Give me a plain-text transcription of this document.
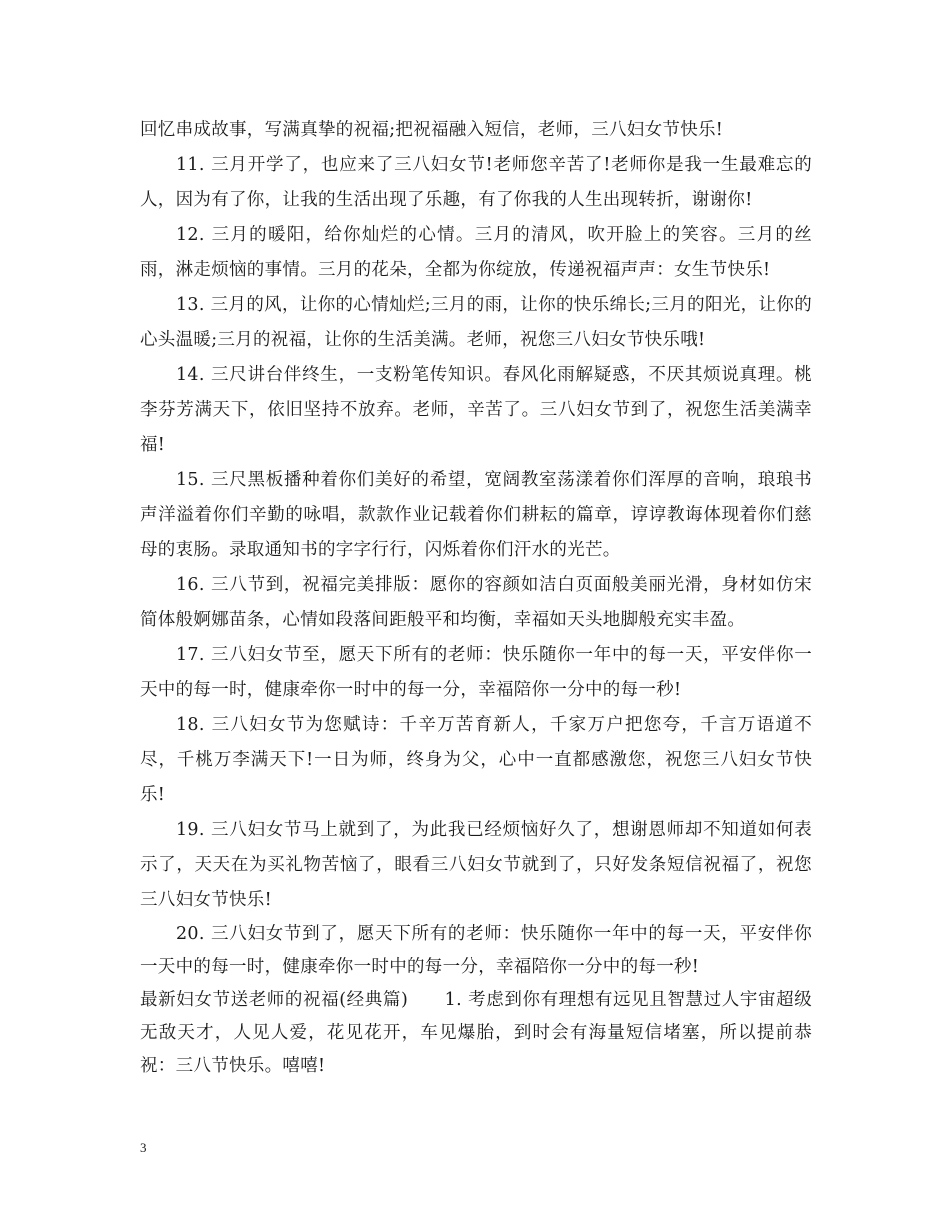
回忆串成故事，写满真挚的祝福;把祝福融入短信，老师，三八妇女节快乐!

11. 三月开学了，也应来了三八妇女节!老师您辛苦了!老师你是我一生最难忘的人，因为有了你，让我的生活出现了乐趣，有了你我的人生出现转折，谢谢你!

12. 三月的暖阳，给你灿烂的心情。三月的清风，吹开脸上的笑容。三月的丝雨，淋走烦恼的事情。三月的花朵，全都为你绽放，传递祝福声声：女生节快乐!

13. 三月的风，让你的心情灿烂;三月的雨，让你的快乐绵长;三月的阳光，让你的心头温暖;三月的祝福，让你的生活美满。老师，祝您三八妇女节快乐哦!

14. 三尺讲台伴终生，一支粉笔传知识。春风化雨解疑惑，不厌其烦说真理。桃李芬芳满天下，依旧坚持不放弃。老师，辛苦了。三八妇女节到了，祝您生活美满幸福!

15. 三尺黑板播种着你们美好的希望，宽阔教室荡漾着你们浑厚的音响，琅琅书声洋溢着你们辛勤的咏唱，款款作业记载着你们耕耘的篇章，谆谆教诲体现着你们慈母的衷肠。录取通知书的字字行行，闪烁着你们汗水的光芒。

16. 三八节到，祝福完美排版：愿你的容颜如洁白页面般美丽光滑，身材如仿宋简体般婀娜苗条，心情如段落间距般平和均衡，幸福如天头地脚般充实丰盈。

17. 三八妇女节至，愿天下所有的老师：快乐随你一年中的每一天，平安伴你一天中的每一时，健康牵你一时中的每一分，幸福陪你一分中的每一秒!

18. 三八妇女节为您赋诗：千辛万苦育新人，千家万户把您夸，千言万语道不尽，千桃万李满天下!一日为师，终身为父，心中一直都感激您，祝您三八妇女节快乐!

19. 三八妇女节马上就到了，为此我已经烦恼好久了，想谢恩师却不知道如何表示了，天天在为买礼物苦恼了，眼看三八妇女节就到了，只好发条短信祝福了，祝您三八妇女节快乐!

20. 三八妇女节到了，愿天下所有的老师：快乐随你一年中的每一天，平安伴你一天中的每一时，健康牵你一时中的每一分，幸福陪你一分中的每一秒!

最新妇女节送老师的祝福(经典篇)　　1. 考虑到你有理想有远见且智慧过人宇宙超级无敌天才，人见人爱，花见花开，车见爆胎，到时会有海量短信堵塞，所以提前恭祝：三八节快乐。嘻嘻!

3
